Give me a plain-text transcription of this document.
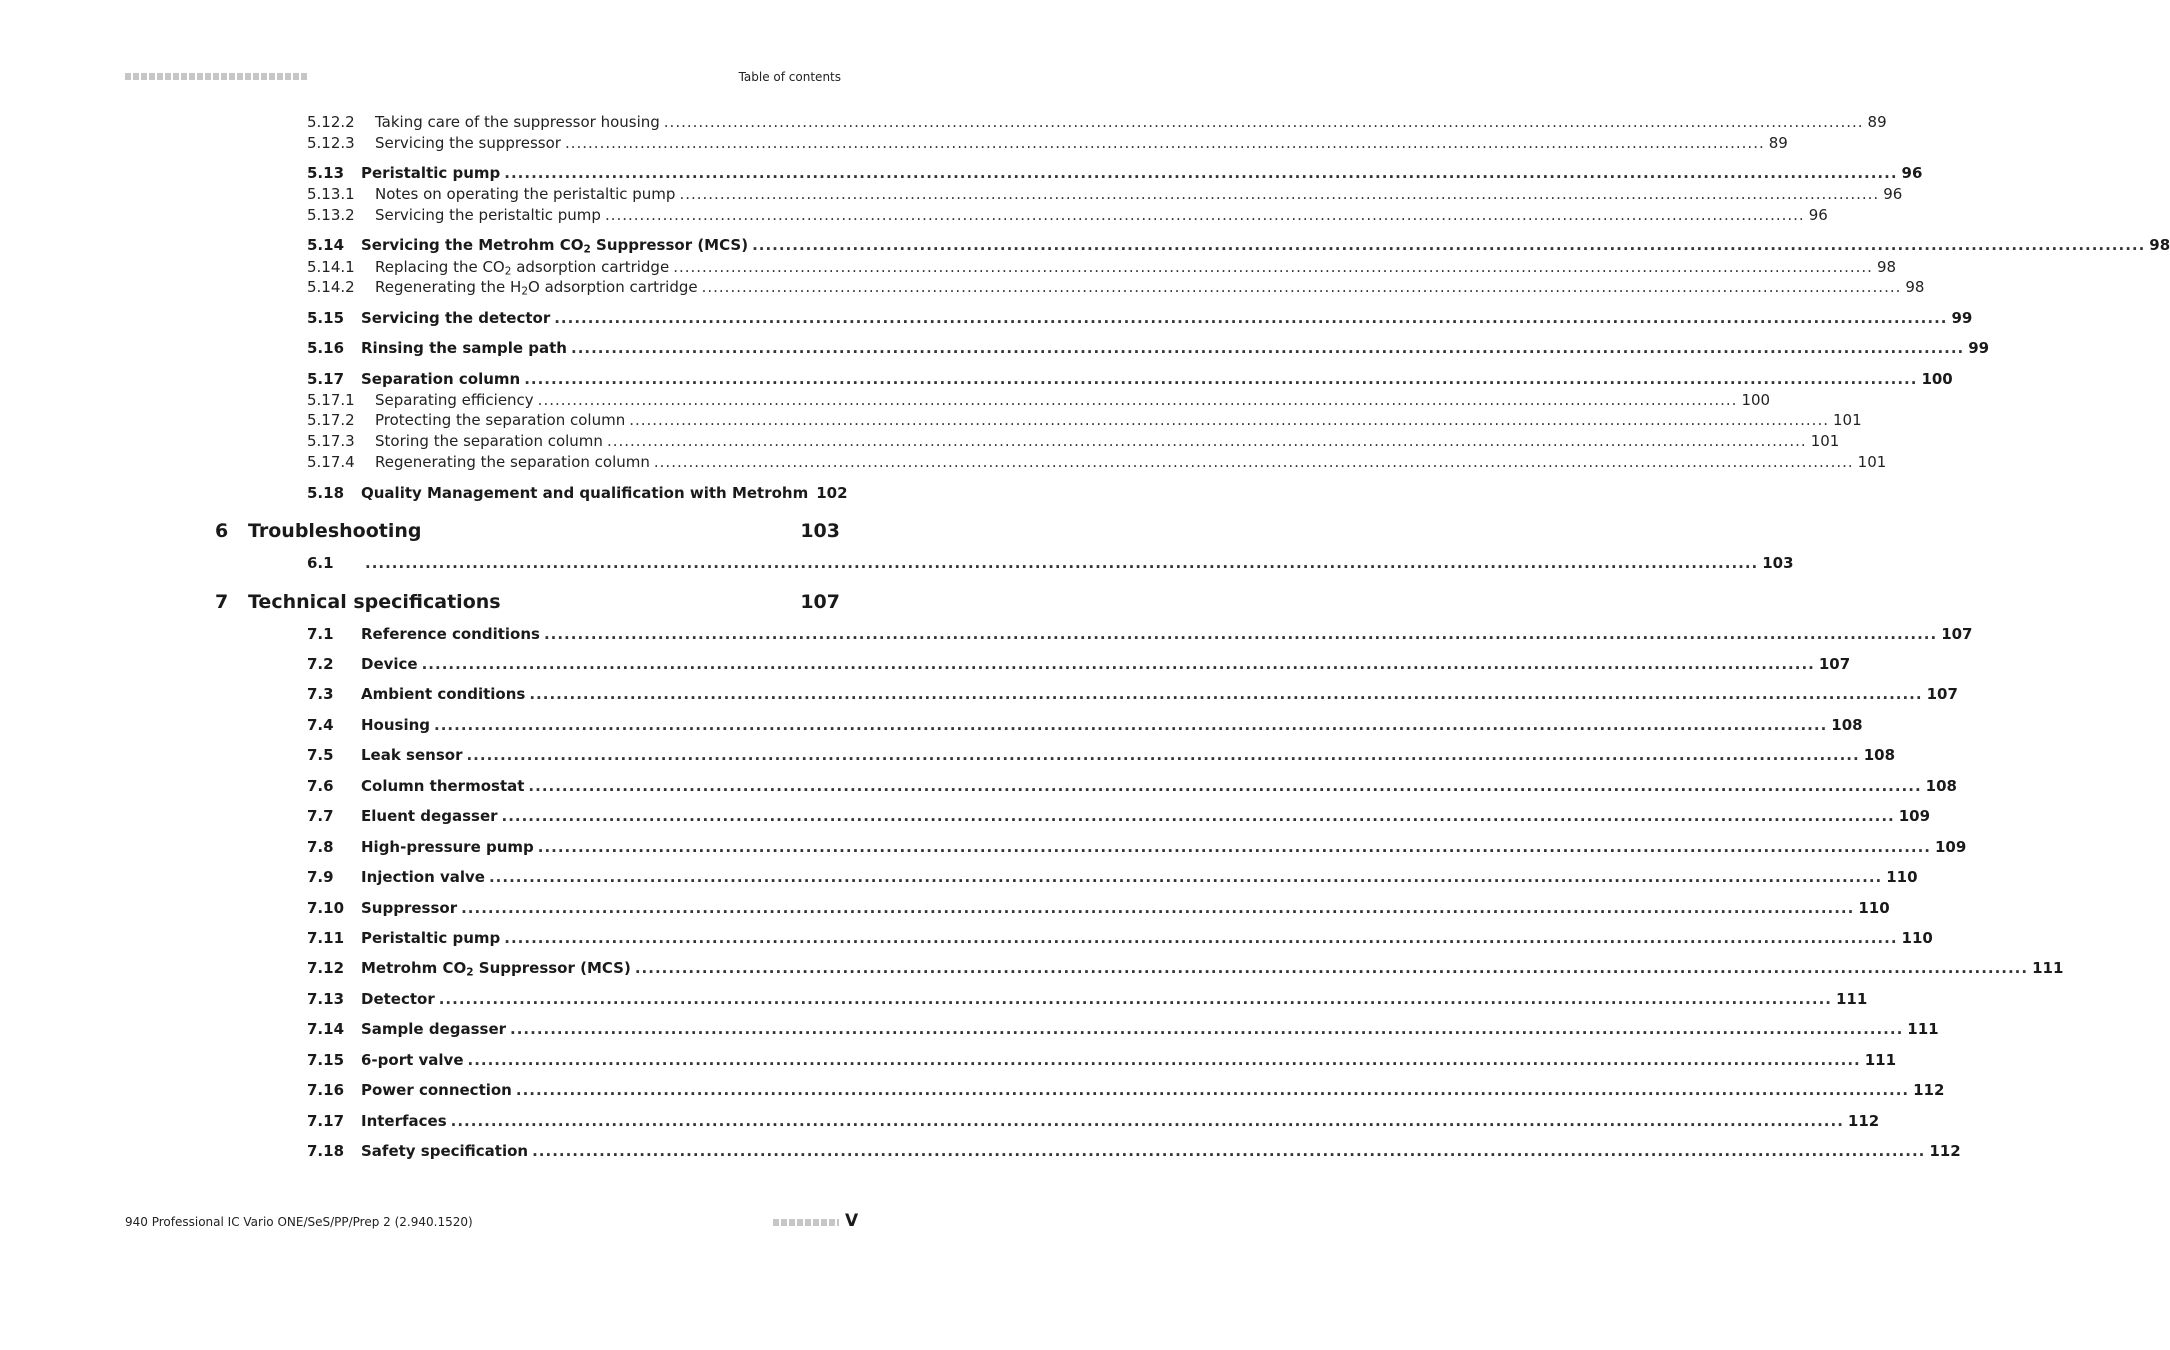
Table of contents
5.12.2	Taking care of the suppressor housing .....	89
5.12.3	Servicing the suppressor .....	89
5.13	Peristaltic pump .....	96
5.13.1	Notes on operating the peristaltic pump .....	96
5.13.2	Servicing the peristaltic pump .....	96
5.14	Servicing the Metrohm $CO_2$ Suppressor (MCS) .....	98
5.14.1	Replacing the $CO_2$ adsorption cartridge .....	98
5.14.2	Regenerating the $H_2O$ adsorption cartridge .....	98
5.15	Servicing the detector .....	99
5.16	Rinsing the sample path .....	99
5.17	Separation column .....	100
5.17.1	Separating efficiency .....	100
5.17.2	Protecting the separation column .....	101
5.17.3	Storing the separation column .....	101
5.17.4	Regenerating the separation column .....	101
5.18	Quality Management and qualification with Metrohm 102
6	Troubleshooting	103
6.1 .....	103
7	Technical specifications	107
7.1	Reference conditions .....	107
7.2	Device .....	107
7.3	Ambient conditions .....	107
7.4	Housing .....	108
7.5	Leak sensor .....	108
7.6	Column thermostat .....	108
7.7	Eluent degasser .....	109
7.8	High-pressure pump .....	109
7.9	Injection valve .....	110
7.10	Suppressor .....	110
7.11	Peristaltic pump .....	110
7.12	Metrohm $CO_2$ Suppressor (MCS) .....	111
7.13	Detector .....	111
7.14	Sample degasser .....	111
7.15	6-port valve .....	111
7.16	Power connection .....	112
7.17	Interfaces .....	112
7.18	Safety specification .....	112
940 Professional IC Vario ONE/SeS/PP/Prep 2 (2.940.1520)	V
